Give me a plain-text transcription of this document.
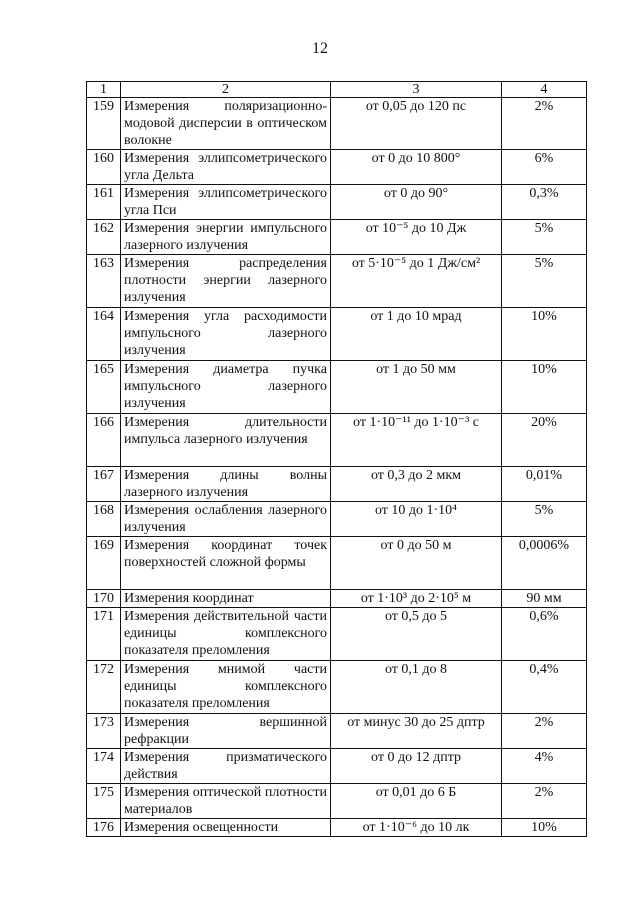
12
1	2	3	4
159	Измерения поляризационно-модовой дисперсии в оптическом волокне	от 0,05 до 120 пс	2%
160	Измерения эллипсометрического угла Дельта	от 0 до 10 800°	6%
161	Измерения эллипсометрического угла Пси	от 0 до 90°	0,3%
162	Измерения энергии импульсного лазерного излучения	от 10⁻⁵ до 10 Дж	5%
163	Измерения распределения плотности энергии лазерного излучения	от 5·10⁻⁵ до 1 Дж/см²	5%
164	Измерения угла расходимости импульсного лазерного излучения	от 1 до 10 мрад	10%
165	Измерения диаметра пучка импульсного лазерного излучения	от 1 до 50 мм	10%
166	Измерения длительности импульса лазерного излучения	от 1·10⁻¹¹ до 1·10⁻³ с	20%
167	Измерения длины волны лазерного излучения	от 0,3 до 2 мкм	0,01%
168	Измерения ослабления лазерного излучения	от 10 до 1·10⁴	5%
169	Измерения координат точек поверхностей сложной формы	от 0 до 50 м	0,0006%
170	Измерения координат	от 1·10³ до 2·10⁵ м	90 мм
171	Измерения действительной части единицы комплексного показателя преломления	от 0,5 до 5	0,6%
172	Измерения мнимой части единицы комплексного показателя преломления	от 0,1 до 8	0,4%
173	Измерения вершинной рефракции	от минус 30 до 25 дптр	2%
174	Измерения призматического действия	от 0 до 12 дптр	4%
175	Измерения оптической плотности материалов	от 0,01 до 6 Б	2%
176	Измерения освещенности	от 1·10⁻⁶ до 10 лк	10%
